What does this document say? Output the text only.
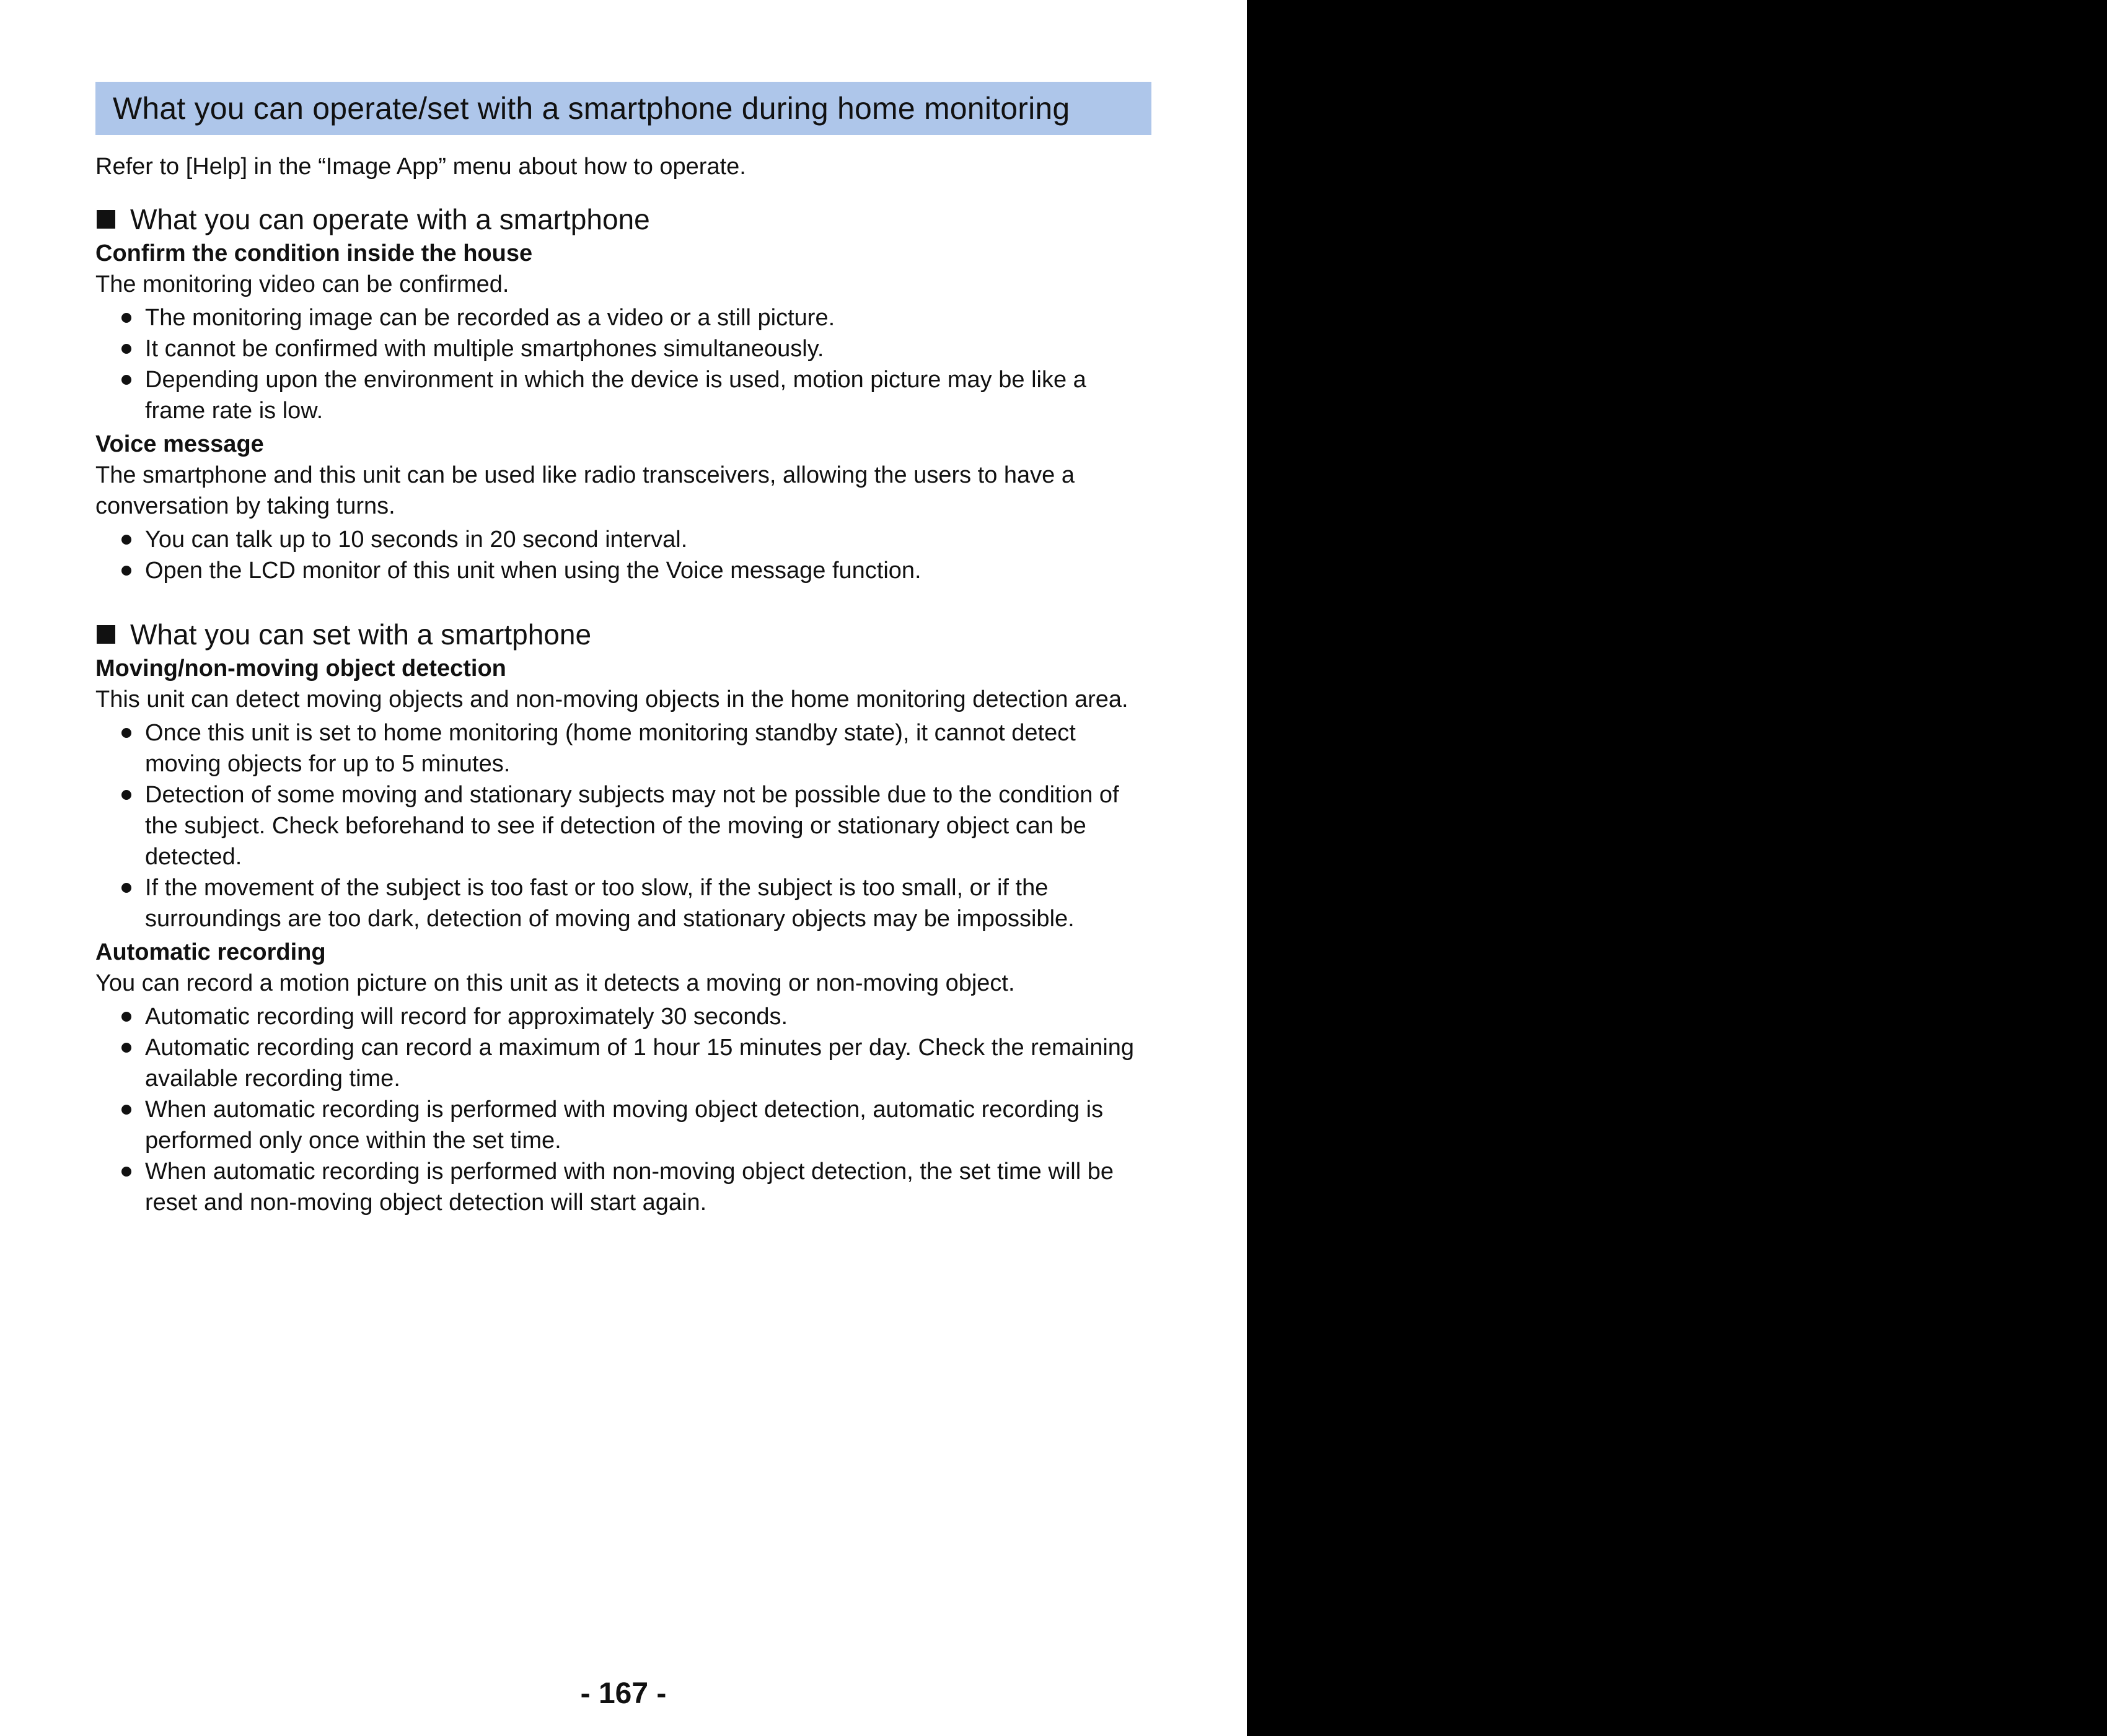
What you can operate/set with a smartphone during home monitoring
Refer to [Help] in the “Image App” menu about how to operate.
What you can operate with a smartphone
Confirm the condition inside the house

The monitoring video can be confirmed.

The monitoring image can be recorded as a video or a still picture.
It cannot be confirmed with multiple smartphones simultaneously.
Depending upon the environment in which the device is used, motion picture may be like a frame rate is low.
Voice message

The smartphone and this unit can be used like radio transceivers, allowing the users to have a conversation by taking turns.

You can talk up to 10 seconds in 20 second interval.
Open the LCD monitor of this unit when using the Voice message function.
What you can set with a smartphone
Moving/non-moving object detection

This unit can detect moving objects and non-moving objects in the home monitoring detection area.

Once this unit is set to home monitoring (home monitoring standby state), it cannot detect moving objects for up to 5 minutes.
Detection of some moving and stationary subjects may not be possible due to the condition of the subject. Check beforehand to see if detection of the moving or stationary object can be detected.
If the movement of the subject is too fast or too slow, if the subject is too small, or if the surroundings are too dark, detection of moving and stationary objects may be impossible.
Automatic recording

You can record a motion picture on this unit as it detects a moving or non-moving object.

Automatic recording will record for approximately 30 seconds.
Automatic recording can record a maximum of 1 hour 15 minutes per day. Check the remaining available recording time.
When automatic recording is performed with moving object detection, automatic recording is performed only once within the set time.
When automatic recording is performed with non-moving object detection, the set time will be reset and non-moving object detection will start again.
- 167 -
